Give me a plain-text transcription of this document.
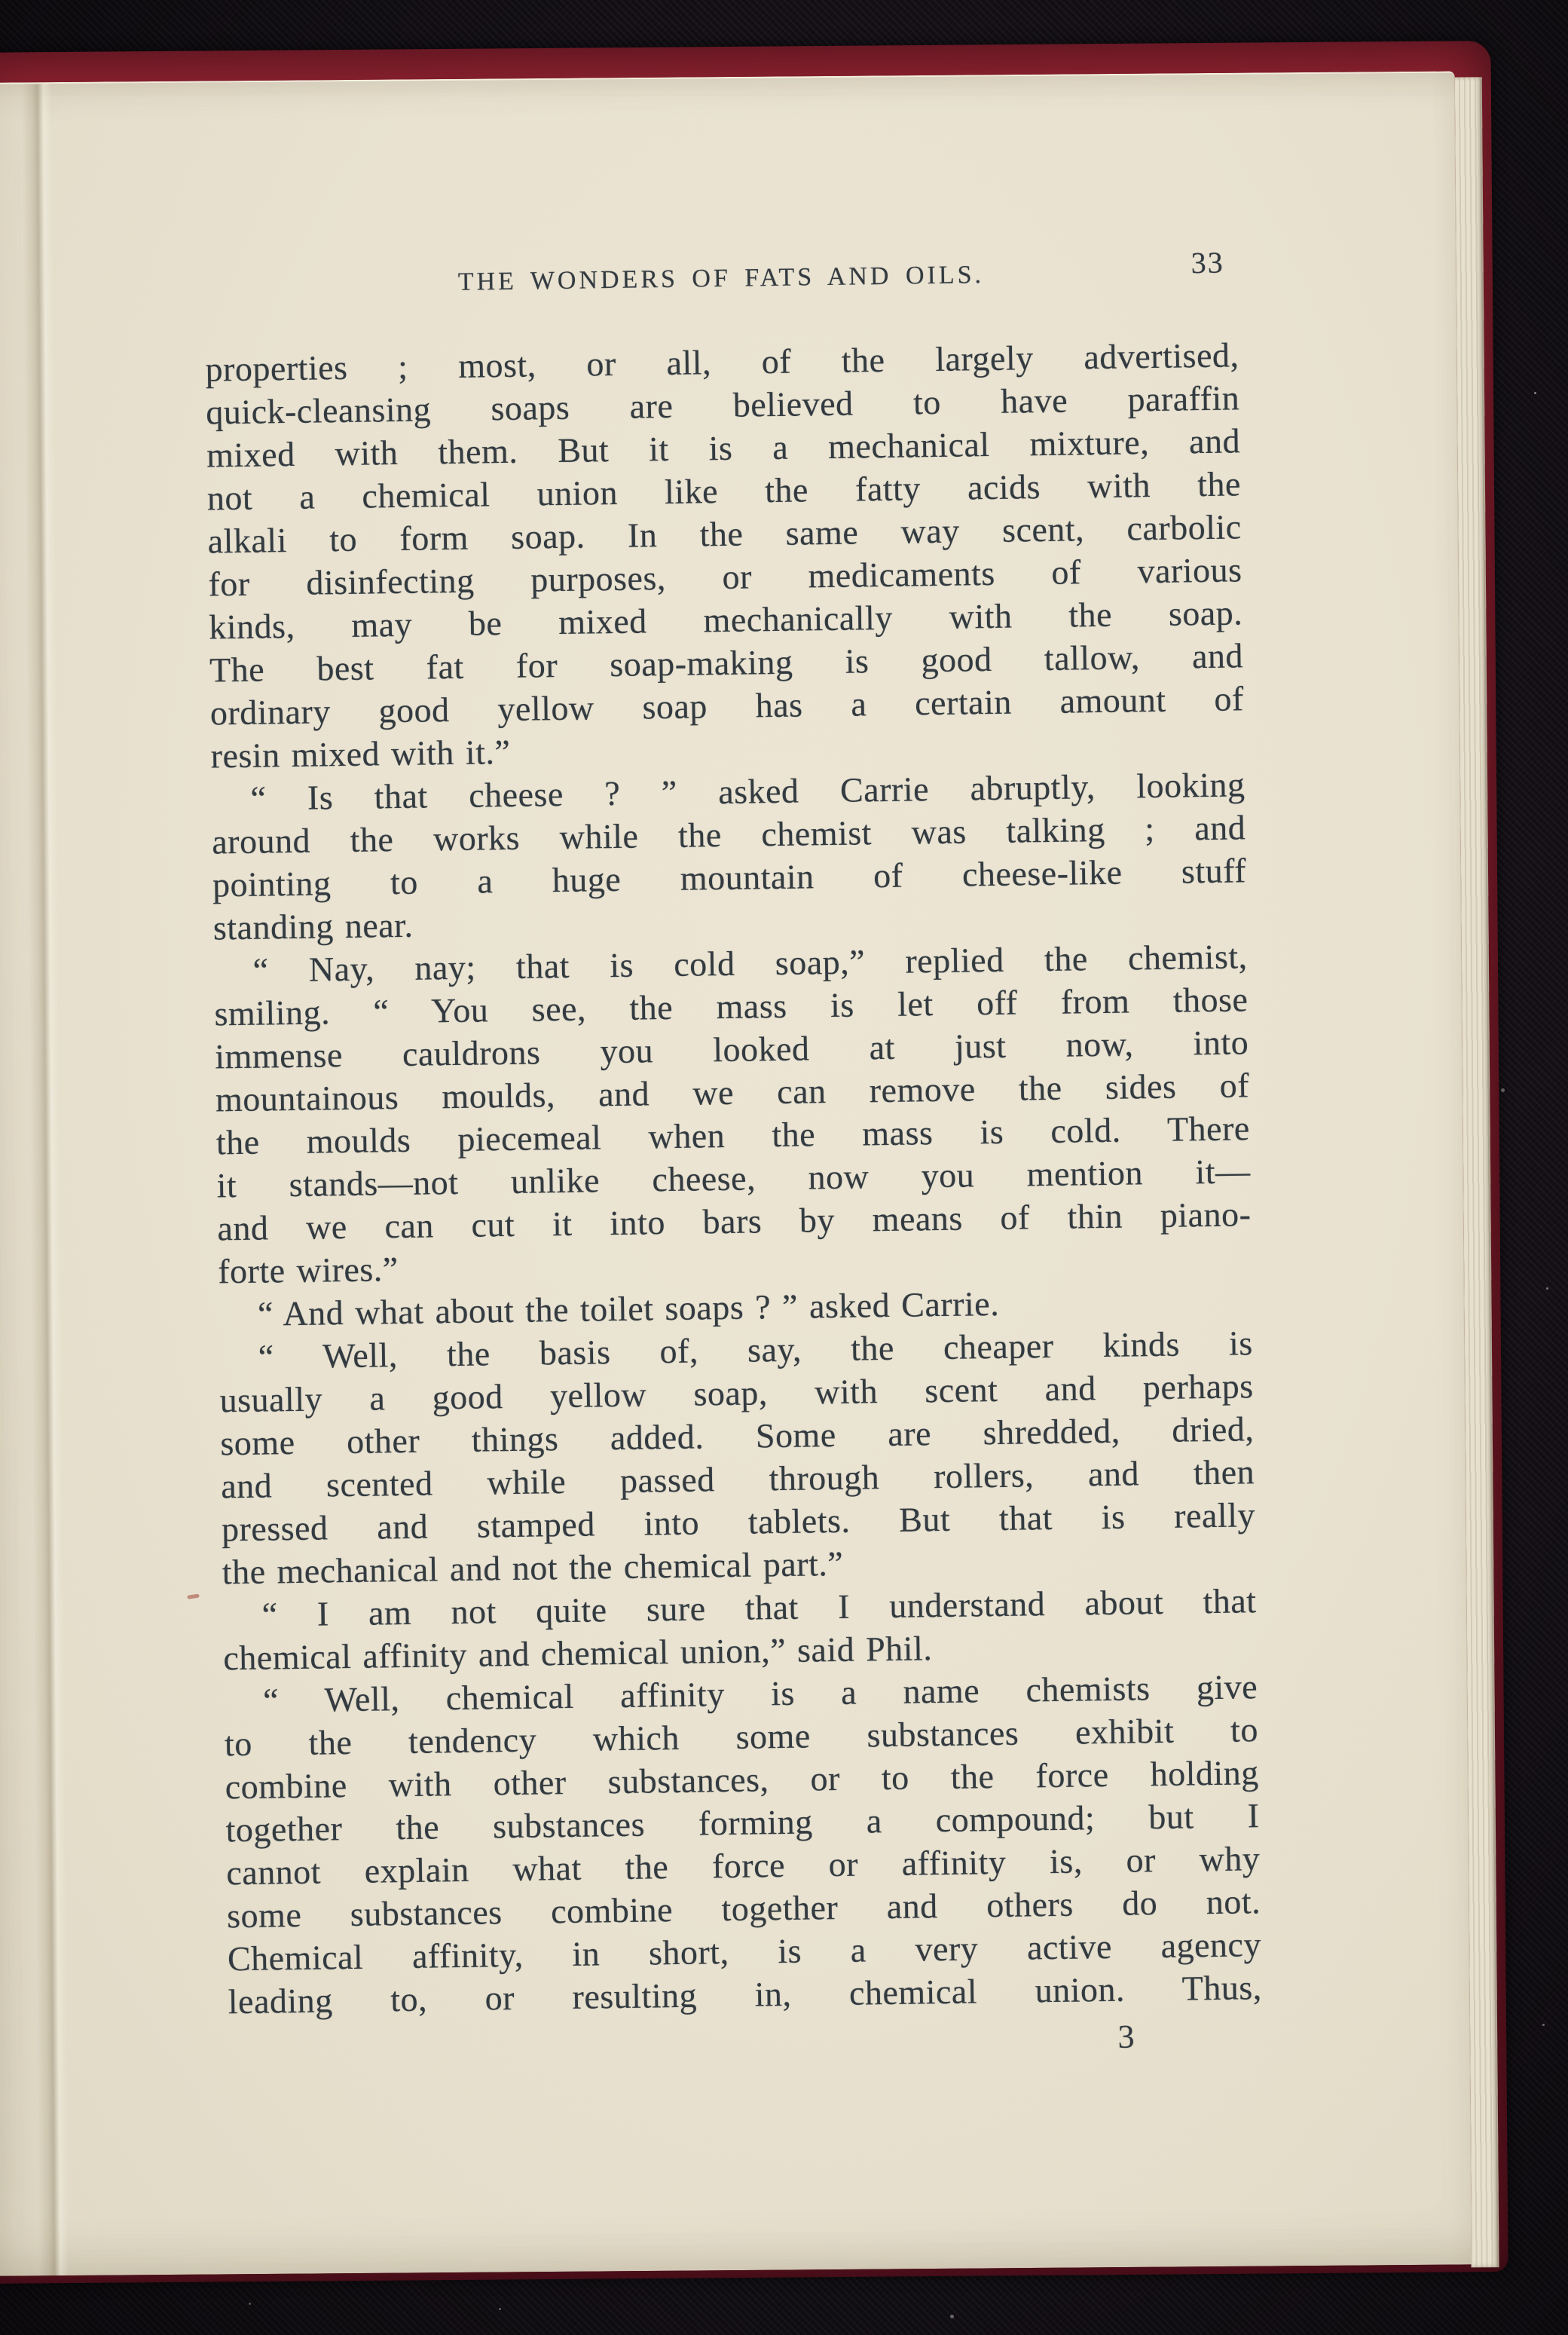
THE WONDERS OF FATS AND OILS.	33
properties ; most, or all, of the largely advertised,
quick-cleansing soaps are believed to have paraffin
mixed with them. But it is a mechanical mixture, and
not a chemical union like the fatty acids with the
alkali to form soap. In the same way scent, carbolic
for disinfecting purposes, or medicaments of various
kinds, may be mixed mechanically with the soap.
The best fat for soap-making is good tallow, and
ordinary good yellow soap has a certain amount of
resin mixed with it.”
“ Is that cheese ? ” asked Carrie abruptly, looking
around the works while the chemist was talking ; and
pointing to a huge mountain of cheese-like stuff
standing near.
“ Nay, nay; that is cold soap,” replied the chemist,
smiling. “ You see, the mass is let off from those
immense cauldrons you looked at just now, into
mountainous moulds, and we can remove the sides of
the moulds piecemeal when the mass is cold. There
it stands—not unlike cheese, now you mention it—
and we can cut it into bars by means of thin piano-
forte wires.”
“ And what about the toilet soaps ? ” asked Carrie.
“ Well, the basis of, say, the cheaper kinds is
usually a good yellow soap, with scent and perhaps
some other things added. Some are shredded, dried,
and scented while passed through rollers, and then
pressed and stamped into tablets. But that is really
the mechanical and not the chemical part.”
“ I am not quite sure that I understand about that
chemical affinity and chemical union,” said Phil.
“ Well, chemical affinity is a name chemists give
to the tendency which some substances exhibit to
combine with other substances, or to the force holding
together the substances forming a compound; but I
cannot explain what the force or affinity is, or why
some substances combine together and others do not.
Chemical affinity, in short, is a very active agency
leading to, or resulting in, chemical union. Thus,
3
